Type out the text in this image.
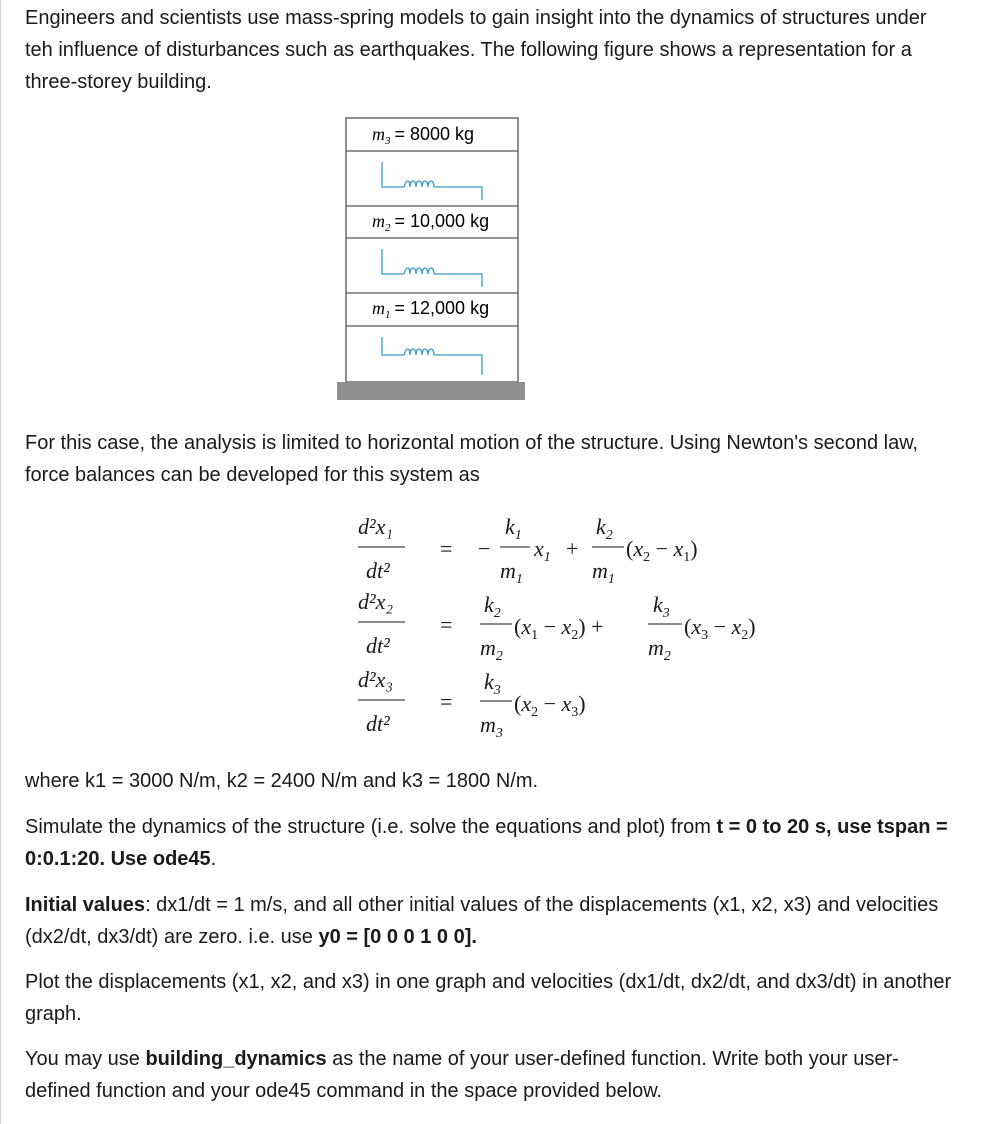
Engineers and scientists use mass-spring models to gain insight into the dynamics of structures under teh influence of disturbances such as earthquakes. The following figure shows a representation for a three-storey building.

$m_3 = 8000$ kg
$m_2 = 10,000$ kg
$m_1 = 12,000$ kg

For this case, the analysis is limited to horizontal motion of the structure. Using Newton's second law, force balances can be developed for this system as

d²x₁
dt²
= −
$k_1$
$m_1$
$x_1$ +
$k_2$
$m_1$
$(x_2 - x_1)$
d²x₂
dt²
=
$k_2$
$m_2$
$(x_1 - x_2)$ +
$k_3$
$m_2$
$(x_3 - x_2)$
d²x₃
dt²
=
$k_3$
$m_3$
$(x_2 - x_3)$

where k1 = 3000 N/m, k2 = 2400 N/m and k3 = 1800 N/m.

Simulate the dynamics of the structure (i.e. solve the equations and plot) from t = 0 to 20 s, use tspan = 0:0.1:20. Use ode45.

Initial values: dx1/dt = 1 m/s, and all other initial values of the displacements (x1, x2, x3) and velocities (dx2/dt, dx3/dt) are zero. i.e. use y0 = [0 0 0 1 0 0].

Plot the displacements (x1, x2, and x3) in one graph and velocities (dx1/dt, dx2/dt, and dx3/dt) in another graph.

You may use building_dynamics as the name of your user-defined function. Write both your user-defined function and your ode45 command in the space provided below.
